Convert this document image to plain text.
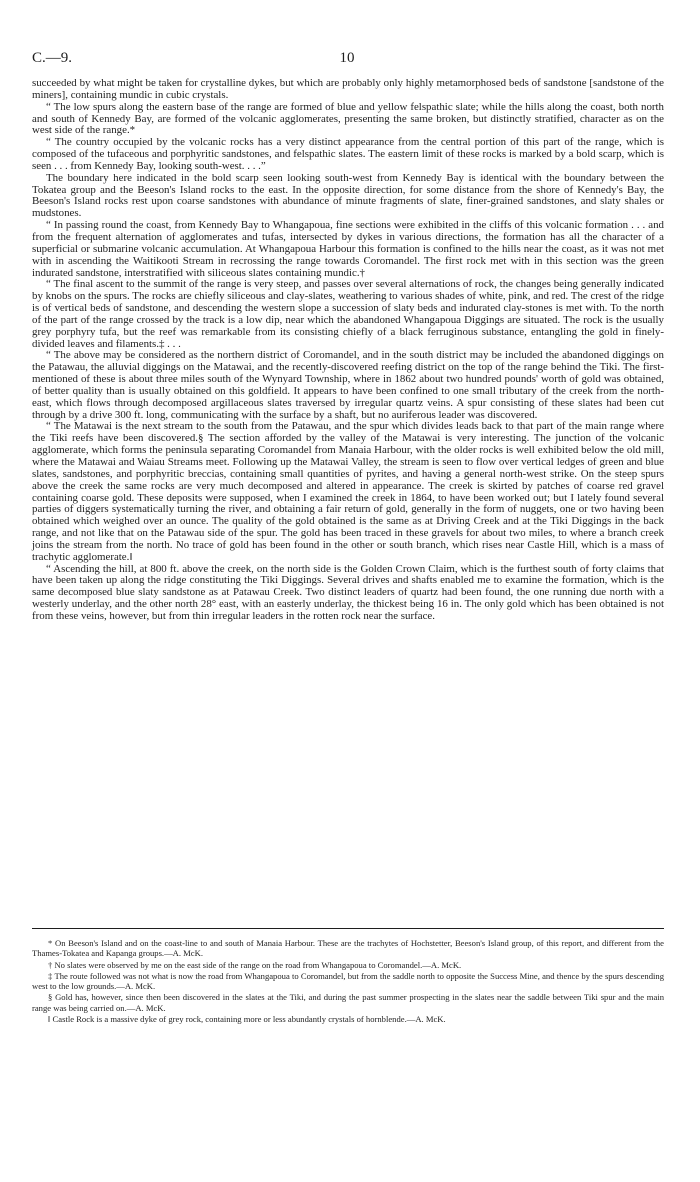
C.—9.	10

succeeded by what might be taken for crystalline dykes, but which are probably only highly metamorphosed beds of sandstone [sandstone of the miners], containing mundic in cubic crystals.

“ The low spurs along the eastern base of the range are formed of blue and yellow felspathic slate; while the hills along the coast, both north and south of Kennedy Bay, are formed of the volcanic agglomerates, presenting the same broken, but distinctly stratified, character as on the west side of the range.*

“ The country occupied by the volcanic rocks has a very distinct appearance from the central portion of this part of the range, which is composed of the tufaceous and porphyritic sandstones, and felspathic slates. The eastern limit of these rocks is marked by a bold scarp, which is seen . . . from Kennedy Bay, looking south-west. . . .”

The boundary here indicated in the bold scarp seen looking south-west from Kennedy Bay is identical with the boundary between the Tokatea group and the Beeson's Island rocks to the east. In the opposite direction, for some distance from the shore of Kennedy's Bay, the Beeson's Island rocks rest upon coarse sandstones with abundance of minute fragments of slate, finer-grained sandstones, and slaty shales or mudstones.

“ In passing round the coast, from Kennedy Bay to Whangapoua, fine sections were exhibited in the cliffs of this volcanic formation . . . and from the frequent alternation of agglomerates and tufas, intersected by dykes in various directions, the formation has all the character of a superficial or submarine volcanic accumulation. At Whangapoua Harbour this formation is confined to the hills near the coast, as it was not met with in ascending the Waitikooti Stream in recrossing the range towards Coromandel. The first rock met with in this section was the green indurated sandstone, interstratified with siliceous slates containing mundic.†

“ The final ascent to the summit of the range is very steep, and passes over several alternations of rock, the changes being generally indicated by knobs on the spurs. The rocks are chiefly siliceous and clay-slates, weathering to various shades of white, pink, and red. The crest of the ridge is of vertical beds of sandstone, and descending the western slope a succession of slaty beds and indurated clay-stones is met with. To the north of the part of the range crossed by the track is a low dip, near which the abandoned Whangapoua Diggings are situated. The rock is the usually grey porphyry tufa, but the reef was remarkable from its consisting chiefly of a black ferruginous substance, entangling the gold in finely-divided leaves and filaments.‡ . . .

“ The above may be considered as the northern district of Coromandel, and in the south district may be included the abandoned diggings on the Patawau, the alluvial diggings on the Matawai, and the recently-discovered reefing district on the top of the range behind the Tiki. The first-mentioned of these is about three miles south of the Wynyard Township, where in 1862 about two hundred pounds' worth of gold was obtained, of better quality than is usually obtained on this goldfield. It appears to have been confined to one small tributary of the creek from the north-east, which flows through decomposed argillaceous slates traversed by irregular quartz veins. A spur consisting of these slates had been cut through by a drive 300 ft. long, communicating with the surface by a shaft, but no auriferous leader was discovered.

“ The Matawai is the next stream to the south from the Patawau, and the spur which divides leads back to that part of the main range where the Tiki reefs have been discovered.§ The section afforded by the valley of the Matawai is very interesting. The junction of the volcanic agglomerate, which forms the peninsula separating Coromandel from Manaia Harbour, with the older rocks is well exhibited below the old mill, where the Matawai and Waiau Streams meet. Following up the Matawai Valley, the stream is seen to flow over vertical ledges of green and blue slates, sandstones, and porphyritic breccias, containing small quantities of pyrites, and having a general north-west strike. On the steep spurs above the creek the same rocks are very much decomposed and altered in appearance. The creek is skirted by patches of coarse red gravel containing coarse gold. These deposits were supposed, when I examined the creek in 1864, to have been worked out; but I lately found several parties of diggers systematically turning the river, and obtaining a fair return of gold, generally in the form of nuggets, one or two having been obtained which weighed over an ounce. The quality of the gold obtained is the same as at Driving Creek and at the Tiki Diggings in the back range, and not like that on the Patawau side of the spur. The gold has been traced in these gravels for about two miles, to where a branch creek joins the stream from the north. No trace of gold has been found in the other or south branch, which rises near Castle Hill, which is a mass of trachytic agglomerate.‖

“ Ascending the hill, at 800 ft. above the creek, on the north side is the Golden Crown Claim, which is the furthest south of forty claims that have been taken up along the ridge constituting the Tiki Diggings. Several drives and shafts enabled me to examine the formation, which is the same decomposed blue slaty sandstone as at Patawau Creek. Two distinct leaders of quartz had been found, the one running due north with a westerly underlay, and the other north 28° east, with an easterly underlay, the thickest being 16 in. The only gold which has been obtained is not from these veins, however, but from thin irregular leaders in the rotten rock near the surface.

* On Beeson's Island and on the coast-line to and south of Manaia Harbour. These are the trachytes of Hochstetter, Beeson's Island group, of this report, and different from the Thames-Tokatea and Kapanga groups.—A. McK.

† No slates were observed by me on the east side of the range on the road from Whangapoua to Coromandel.—A. McK.

‡ The route followed was not what is now the road from Whangapoua to Coromandel, but from the saddle north to opposite the Success Mine, and thence by the spurs descending west to the low grounds.—A. McK.

§ Gold has, however, since then been discovered in the slates at the Tiki, and during the past summer prospecting in the slates near the saddle between Tiki spur and the main range was being carried on.—A. McK.

‖ Castle Rock is a massive dyke of grey rock, containing more or less abundantly crystals of hornblende.—A. McK.
